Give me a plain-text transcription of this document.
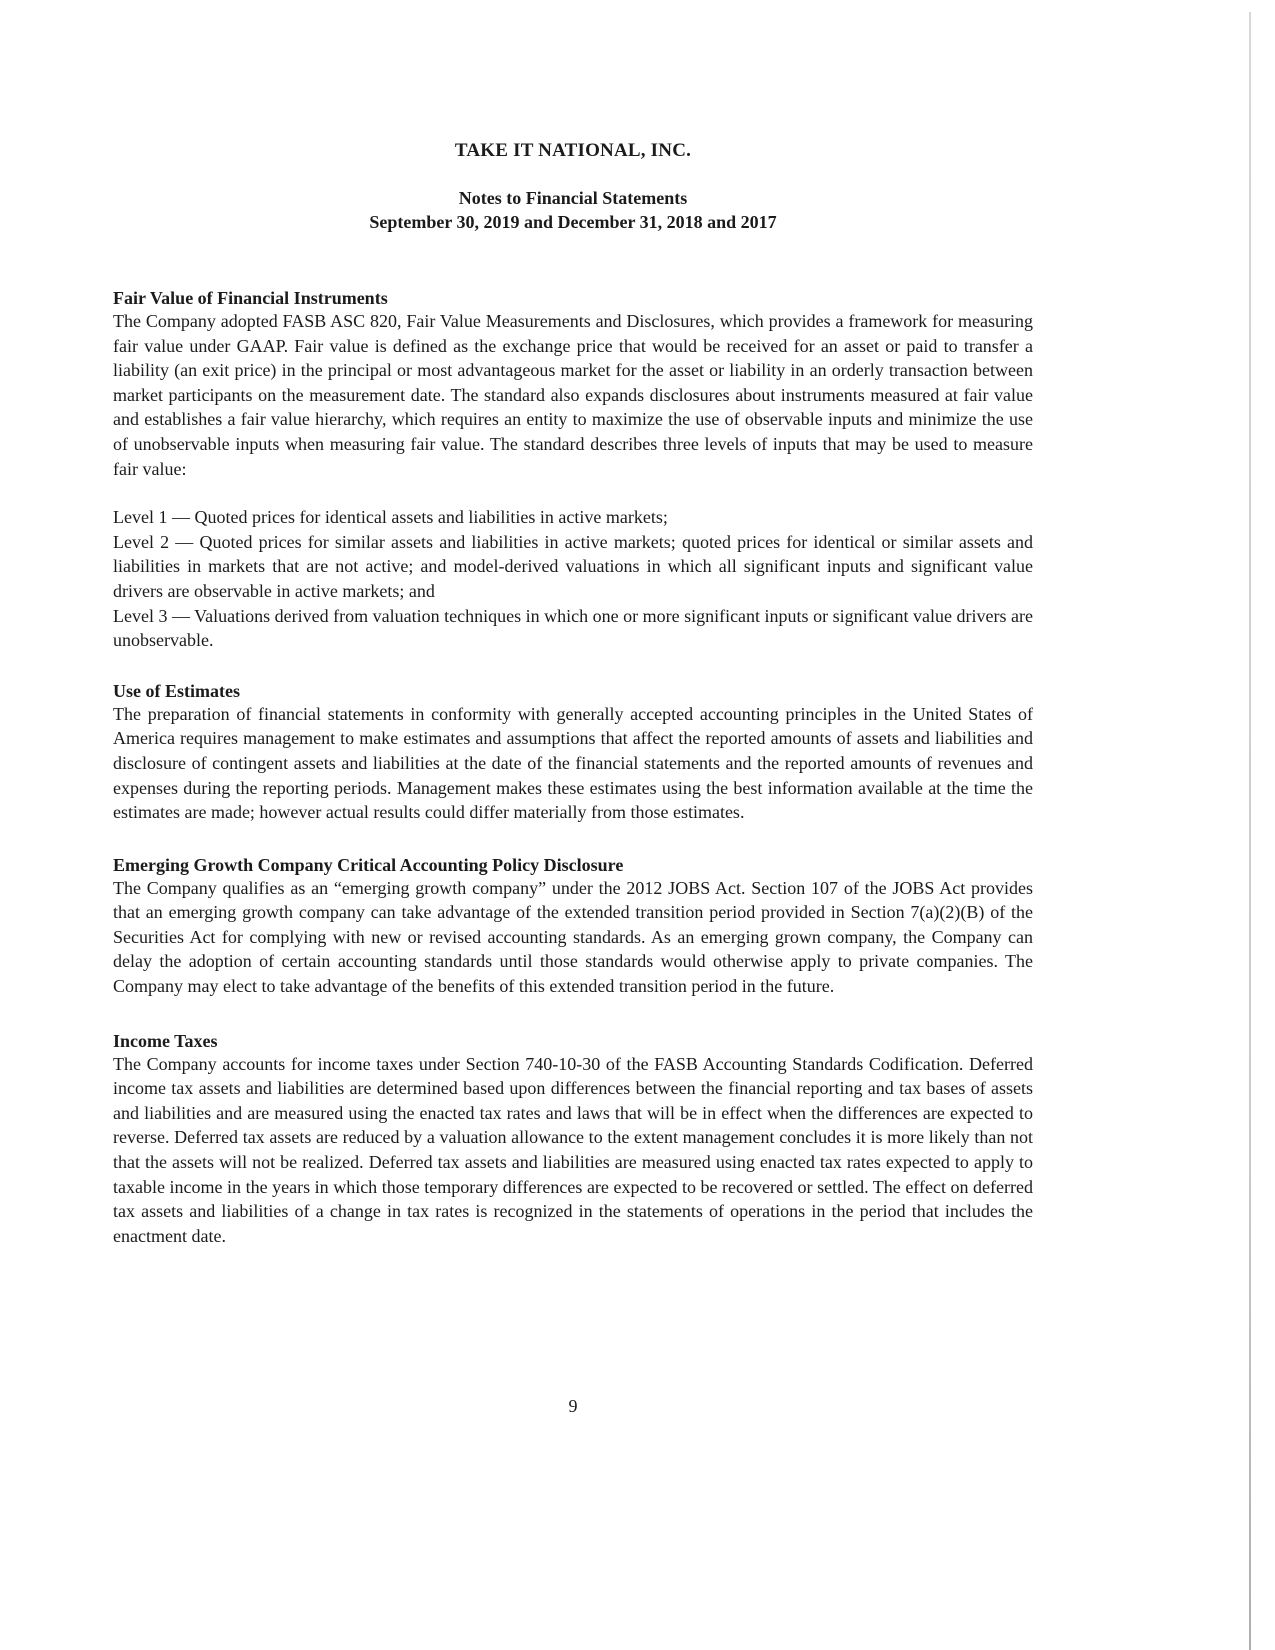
TAKE IT NATIONAL, INC.
Notes to Financial Statements
September 30, 2019 and December 31, 2018 and 2017
Fair Value of Financial Instruments

The Company adopted FASB ASC 820, Fair Value Measurements and Disclosures, which provides a framework for measuring fair value under GAAP. Fair value is defined as the exchange price that would be received for an asset or paid to transfer a liability (an exit price) in the principal or most advantageous market for the asset or liability in an orderly transaction between market participants on the measurement date. The standard also expands disclosures about instruments measured at fair value and establishes a fair value hierarchy, which requires an entity to maximize the use of observable inputs and minimize the use of unobservable inputs when measuring fair value. The standard describes three levels of inputs that may be used to measure fair value:

Level 1 — Quoted prices for identical assets and liabilities in active markets;

Level 2 — Quoted prices for similar assets and liabilities in active markets; quoted prices for identical or similar assets and liabilities in markets that are not active; and model-derived valuations in which all significant inputs and significant value drivers are observable in active markets; and

Level 3 — Valuations derived from valuation techniques in which one or more significant inputs or significant value drivers are unobservable.

Use of Estimates

The preparation of financial statements in conformity with generally accepted accounting principles in the United States of America requires management to make estimates and assumptions that affect the reported amounts of assets and liabilities and disclosure of contingent assets and liabilities at the date of the financial statements and the reported amounts of revenues and expenses during the reporting periods. Management makes these estimates using the best information available at the time the estimates are made; however actual results could differ materially from those estimates.

Emerging Growth Company Critical Accounting Policy Disclosure

The Company qualifies as an “emerging growth company” under the 2012 JOBS Act. Section 107 of the JOBS Act provides that an emerging growth company can take advantage of the extended transition period provided in Section 7(a)(2)(B) of the Securities Act for complying with new or revised accounting standards. As an emerging grown company, the Company can delay the adoption of certain accounting standards until those standards would otherwise apply to private companies. The Company may elect to take advantage of the benefits of this extended transition period in the future.

Income Taxes

The Company accounts for income taxes under Section 740-10-30 of the FASB Accounting Standards Codification. Deferred income tax assets and liabilities are determined based upon differences between the financial reporting and tax bases of assets and liabilities and are measured using the enacted tax rates and laws that will be in effect when the differences are expected to reverse. Deferred tax assets are reduced by a valuation allowance to the extent management concludes it is more likely than not that the assets will not be realized. Deferred tax assets and liabilities are measured using enacted tax rates expected to apply to taxable income in the years in which those temporary differences are expected to be recovered or settled. The effect on deferred tax assets and liabilities of a change in tax rates is recognized in the statements of operations in the period that includes the enactment date.

9
